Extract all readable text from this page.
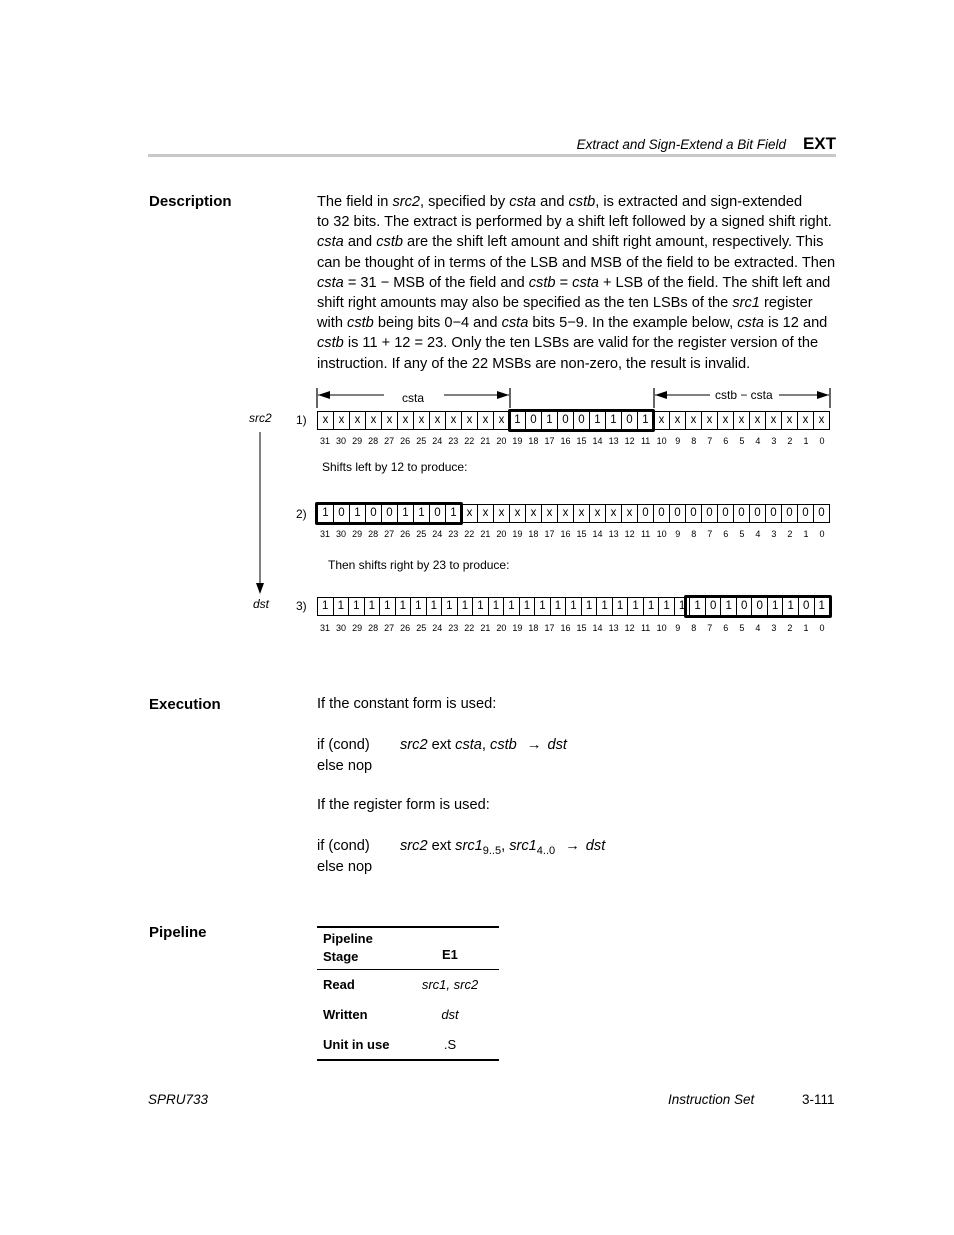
Extract and Sign-Extend a Bit Field EXT
Description	The field in src2, specified by csta and cstb, is extracted and sign-extended
to 32 bits. The extract is performed by a shift left followed by a signed shift right.
csta and cstb are the shift left amount and shift right amount, respectively. This
can be thought of in terms of the LSB and MSB of the field to be extracted. Then
csta = 31 − MSB of the field and cstb = csta + LSB of the field. The shift left and
shift right amounts may also be specified as the ten LSBs of the src1 register
with cstb being bits 0−4 and csta bits 5−9. In the example below, csta is 12 and
cstb is 11 + 12 = 23. Only the ten LSBs are valid for the register version of the
instruction. If any of the 22 MSBs are non-zero, the result is invalid.
csta	cstb − csta
src2
dst
1)
2)
3)
x x x x x x x x x x x x 1 0 1 0 0 1 1 0 1 x x x x x x x x x x x
31 30 29 28 27 26 25 24 23 22 21 20 19 18 17 16 15 14 13 12 11 10 9	8	7	6	5	4	3	2	1	0
Shifts left by 12 to produce:
1 0 1 0 0 1 1 0 1 x x x x x x x x x x x 0 0 0 0 0 0 0 0 0 0 0 0
31 30 29 28 27 26 25 24 23 22 21 20 19 18 17 16 15 14 13 12 11 10 9	8	7	6	5	4	3	2	1	0
Then shifts right by 23 to produce:
1 1 1 1 1 1 1 1 1 1 1 1 1 1 1 1 1 1 1 1 1 1 1 1 1 0 1 0 0 1 1 0 1
31 30 29 28 27 26 25 24 23 22 21 20 19 18 17 16 15 14 13 12 11 10 9	8	7	6	5	4	3	2	1	0
Execution	If the constant form is used:
if (cond) src2 ext csta, cstb → dst
else nop
If the register form is used:
if (cond) src2 ext $src1_{9..5}$, $src1_{4..0}$ → dst
else nop
Pipeline	Pipeline
Stage	E1
Read	src1, src2
Written	dst
Unit in use	.S
SPRU733	Instruction Set	3-111
